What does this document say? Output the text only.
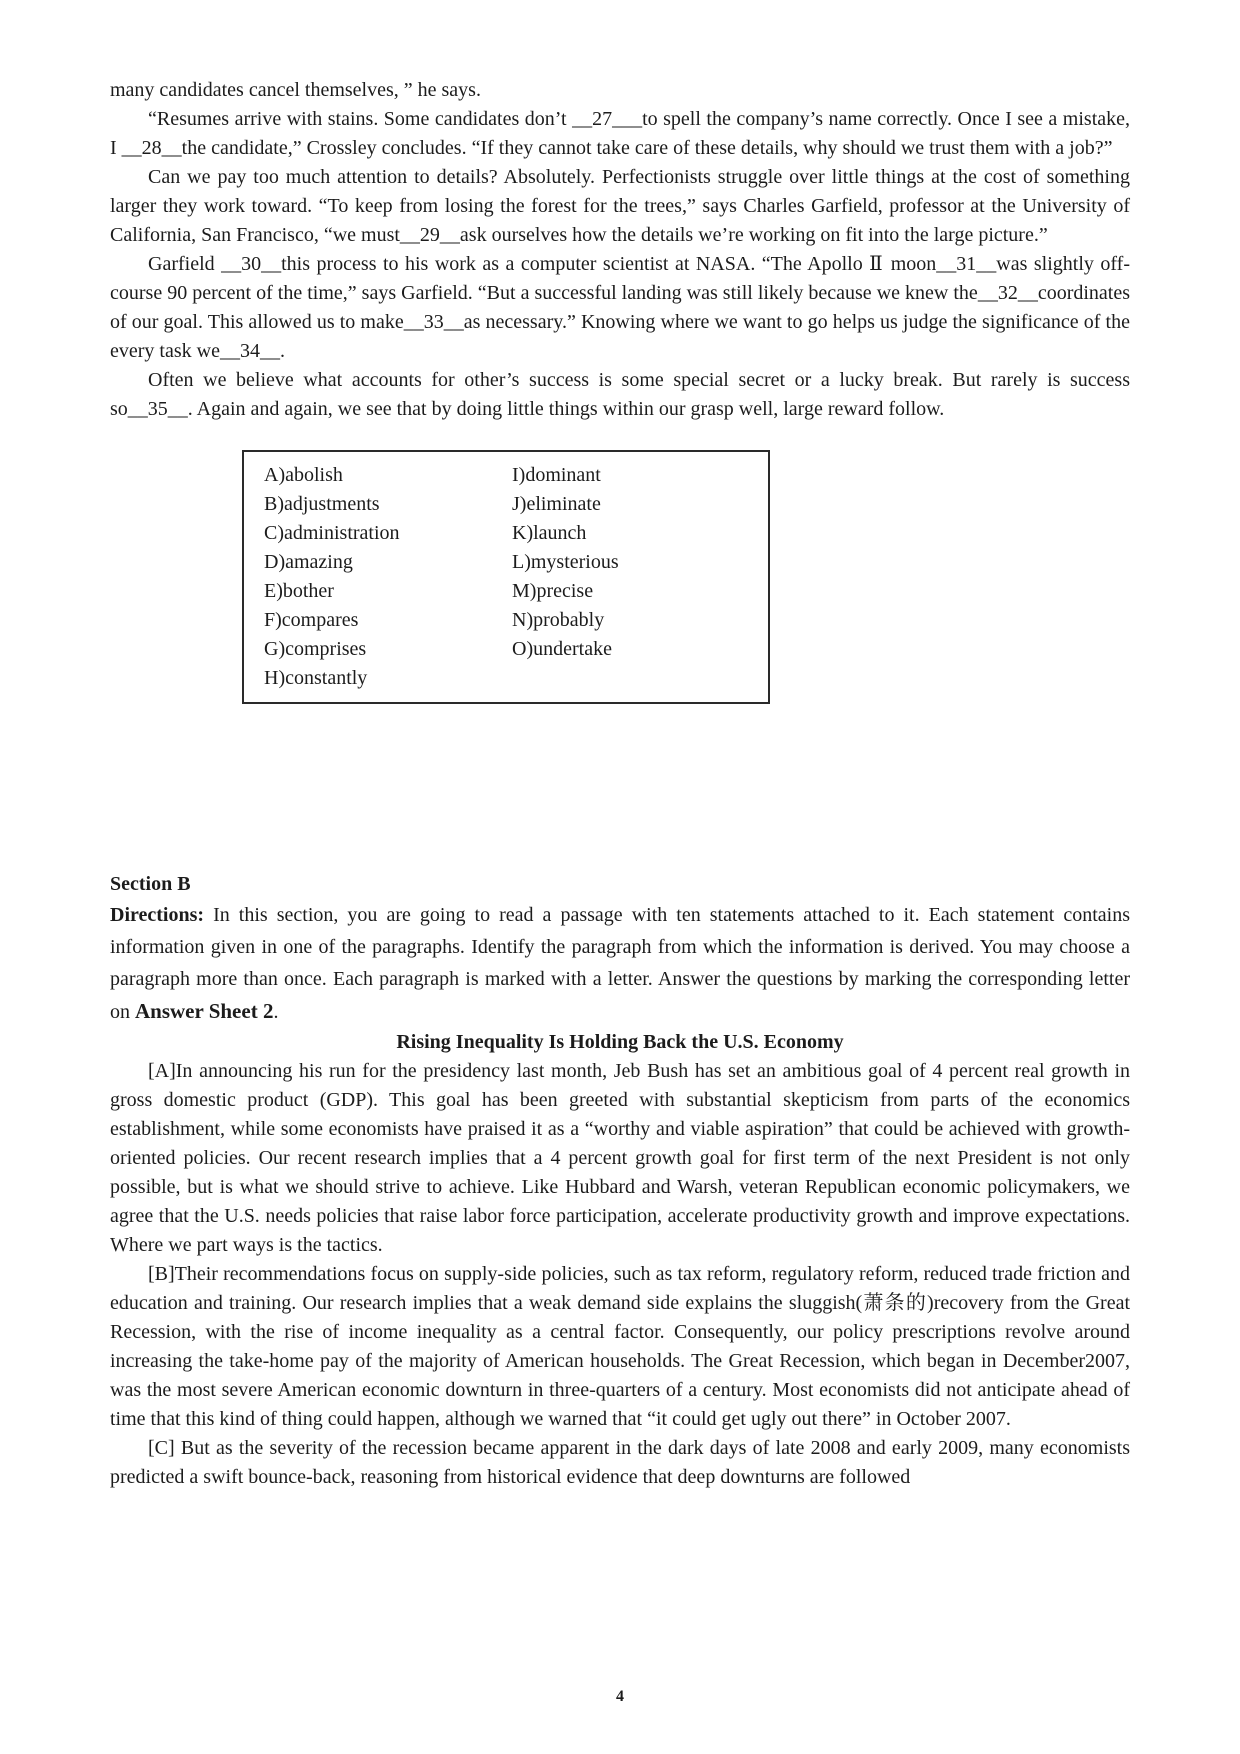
many candidates cancel themselves, ” he says.

“Resumes arrive with stains. Some candidates don’t __27___to spell the company’s name correctly. Once I see a mistake, I __28__the candidate,” Crossley concludes. “If they cannot take care of these details, why should we trust them with a job?”

Can we pay too much attention to details? Absolutely. Perfectionists struggle over little things at the cost of something larger they work toward. “To keep from losing the forest for the trees,” says Charles Garfield, professor at the University of California, San Francisco, “we must__29__ask ourselves how the details we’re working on fit into the large picture.”

Garfield __30__this process to his work as a computer scientist at NASA. “The Apollo Ⅱ moon__31__was slightly off-course 90 percent of the time,” says Garfield. “But a successful landing was still likely because we knew the__32__coordinates of our goal. This allowed us to make__33__as necessary.” Knowing where we want to go helps us judge the significance of the every task we__34__.

Often we believe what accounts for other’s success is some special secret or a lucky break. But rarely is success so__35__. Again and again, we see that by doing little things within our grasp well, large reward follow.

A)abolish
B)adjustments
C)administration
D)amazing
E)bother
F)compares
G)comprises
H)constantly
I)dominant
J)eliminate
K)launch
L)mysterious
M)precise
N)probably
O)undertake
Section B

Directions: In this section, you are going to read a passage with ten statements attached to it. Each statement contains information given in one of the paragraphs. Identify the paragraph from which the information is derived. You may choose a paragraph more than once. Each paragraph is marked with a letter. Answer the questions by marking the corresponding letter on Answer Sheet 2.

Rising Inequality Is Holding Back the U.S. Economy

[A]In announcing his run for the presidency last month, Jeb Bush has set an ambitious goal of 4 percent real growth in gross domestic product (GDP). This goal has been greeted with substantial skepticism from parts of the economics establishment, while some economists have praised it as a “worthy and viable aspiration” that could be achieved with growth-oriented policies. Our recent research implies that a 4 percent growth goal for first term of the next President is not only possible, but is what we should strive to achieve. Like Hubbard and Warsh, veteran Republican economic policymakers, we agree that the U.S. needs policies that raise labor force participation, accelerate productivity growth and improve expectations. Where we part ways is the tactics.

[B]Their recommendations focus on supply-side policies, such as tax reform, regulatory reform, reduced trade friction and education and training. Our research implies that a weak demand side explains the sluggish(萧条的)recovery from the Great Recession, with the rise of income inequality as a central factor. Consequently, our policy prescriptions revolve around increasing the take-home pay of the majority of American households. The Great Recession, which began in December2007, was the most severe American economic downturn in three-quarters of a century. Most economists did not anticipate ahead of time that this kind of thing could happen, although we warned that “it could get ugly out there” in October 2007.

[C] But as the severity of the recession became apparent in the dark days of late 2008 and early 2009, many economists predicted a swift bounce-back, reasoning from historical evidence that deep downturns are followed

4
